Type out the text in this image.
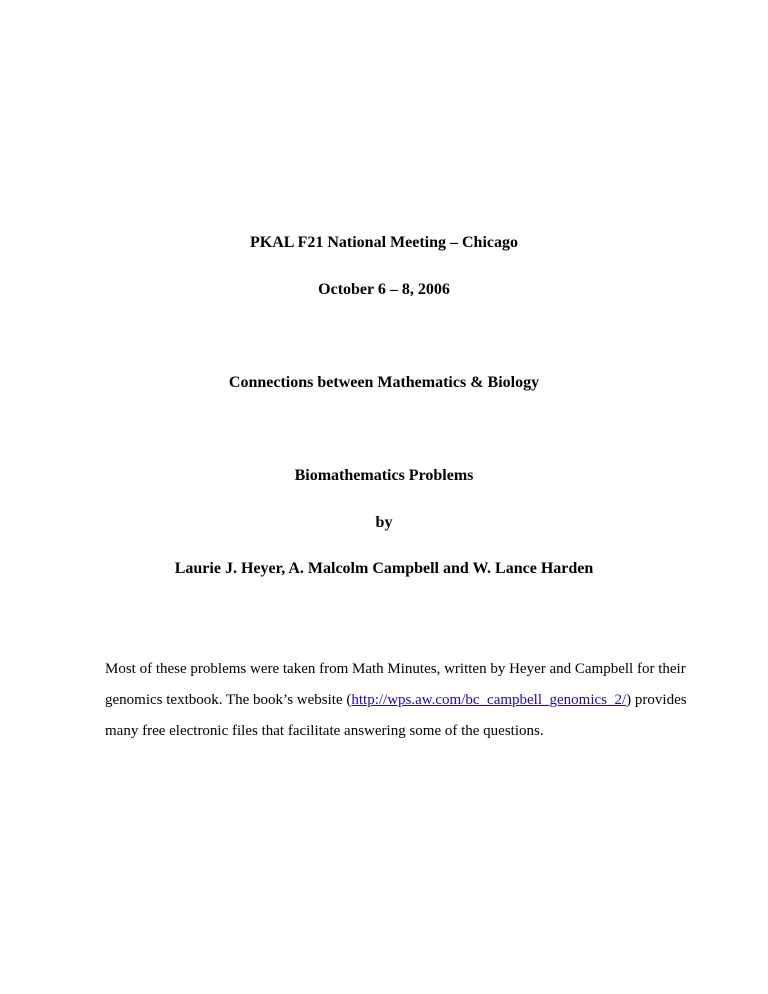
PKAL F21 National Meeting – Chicago
October 6 – 8, 2006
Connections between Mathematics & Biology
Biomathematics Problems
by
Laurie J. Heyer, A. Malcolm Campbell and W. Lance Harden
Most of these problems were taken from Math Minutes, written by Heyer and Campbell for their
genomics textbook. The book’s website (http://wps.aw.com/bc_campbell_genomics_2/) provides
many free electronic files that facilitate answering some of the questions.
